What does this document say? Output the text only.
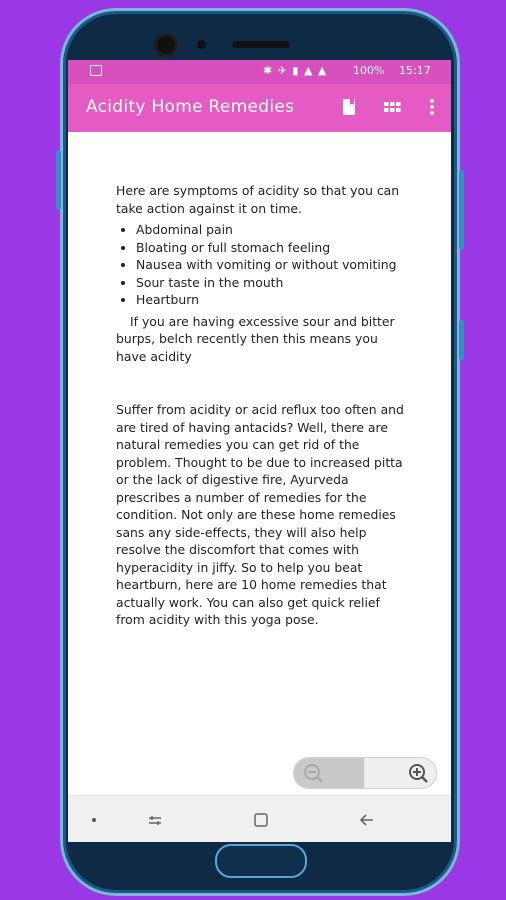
✱ ✈ ▮ ▲ ▲ 100% 15:17
Acidity Home Remedies

Here are symptoms of acidity so that you can take action against it on time.

• Abdominal pain
• Bloating or full stomach feeling
• Nausea with vomiting or without vomiting
• Sour taste in the mouth
• Heartburn

If you are having excessive sour and bitter burps, belch recently then this means you have acidity

Suffer from acidity or acid reflux too often and are tired of having antacids? Well, there are natural remedies you can get rid of the problem. Thought to be due to increased pitta or the lack of digestive fire, Ayurveda prescribes a number of remedies for the condition. Not only are these home remedies sans any side-effects, they will also help resolve the discomfort that comes with hyperacidity in jiffy. So to help you beat heartburn, here are 10 home remedies that actually work. You can also get quick relief from acidity with this yoga pose.
